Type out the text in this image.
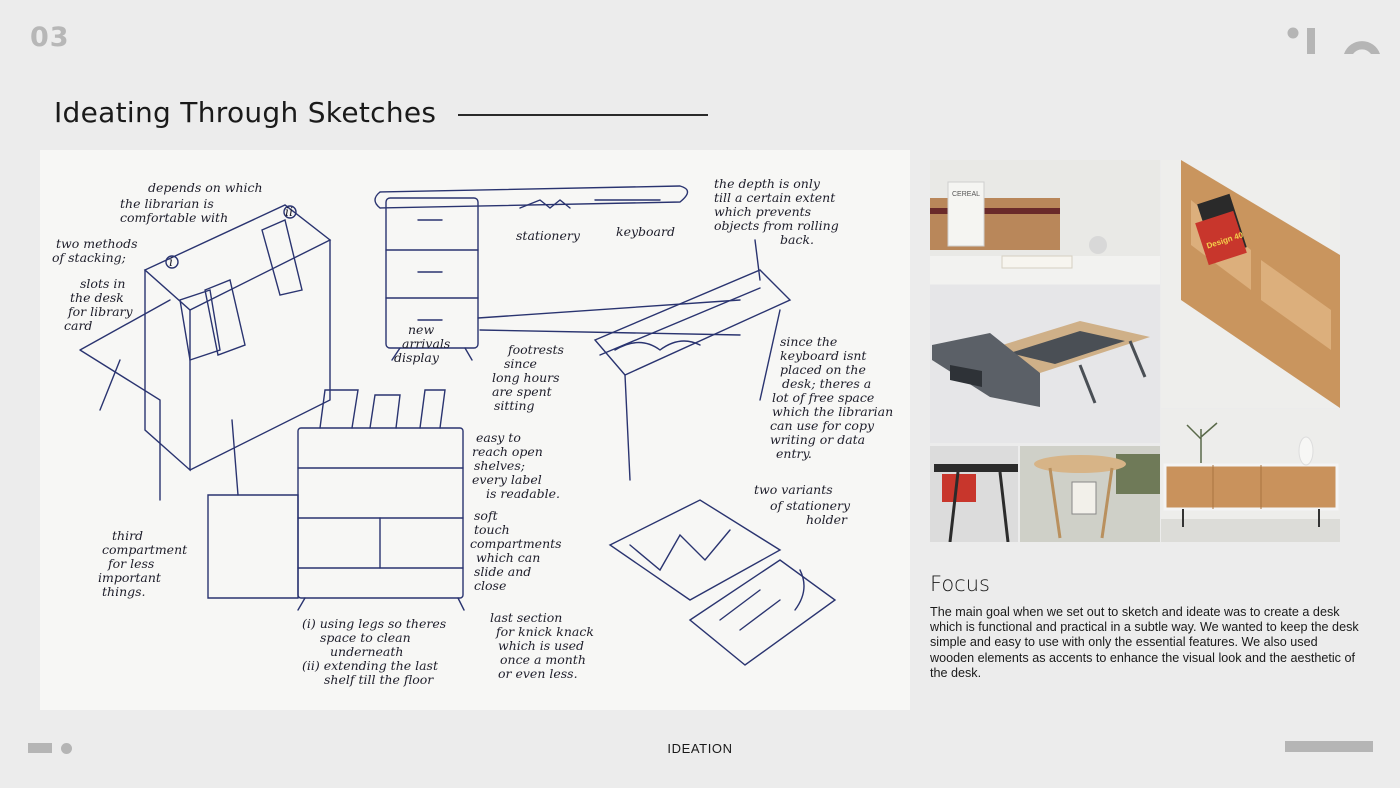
03
Ideating Through Sketches
depends on which
the librarian is
comfortable with
two methods
of stacking;
slots in
the desk
for library
card
stationery	keyboard
the depth is only
till a certain extent
which prevents
objects from rolling
back.
new
arrivals
display
footrests
since
long hours
are spent
sitting
since the
keyboard isnt
placed on the
desk; theres a
lot of free space
which the librarian
can use for copy
writing or data
entry.
easy to
reach open
shelves;
every label
is readable.
soft
touch
compartments
which can
slide and
close
third
compartment
for less
important
things.
two variants
of stationery
holder
(i) using legs so theres
space to clean
underneath
(ii) extending the last
shelf till the floor
last section
for knick knack
which is used
once a month
or even less.
i
ii
CEREAL
Design 40
Focus
The main goal when we set out to sketch and ideate was to create a desk which is functional and practical in a subtle way. We wanted to keep the desk simple and easy to use with only the essential features. We also used wooden elements as accents to enhance the visual look and the aesthetic of the desk.
IDEATION
